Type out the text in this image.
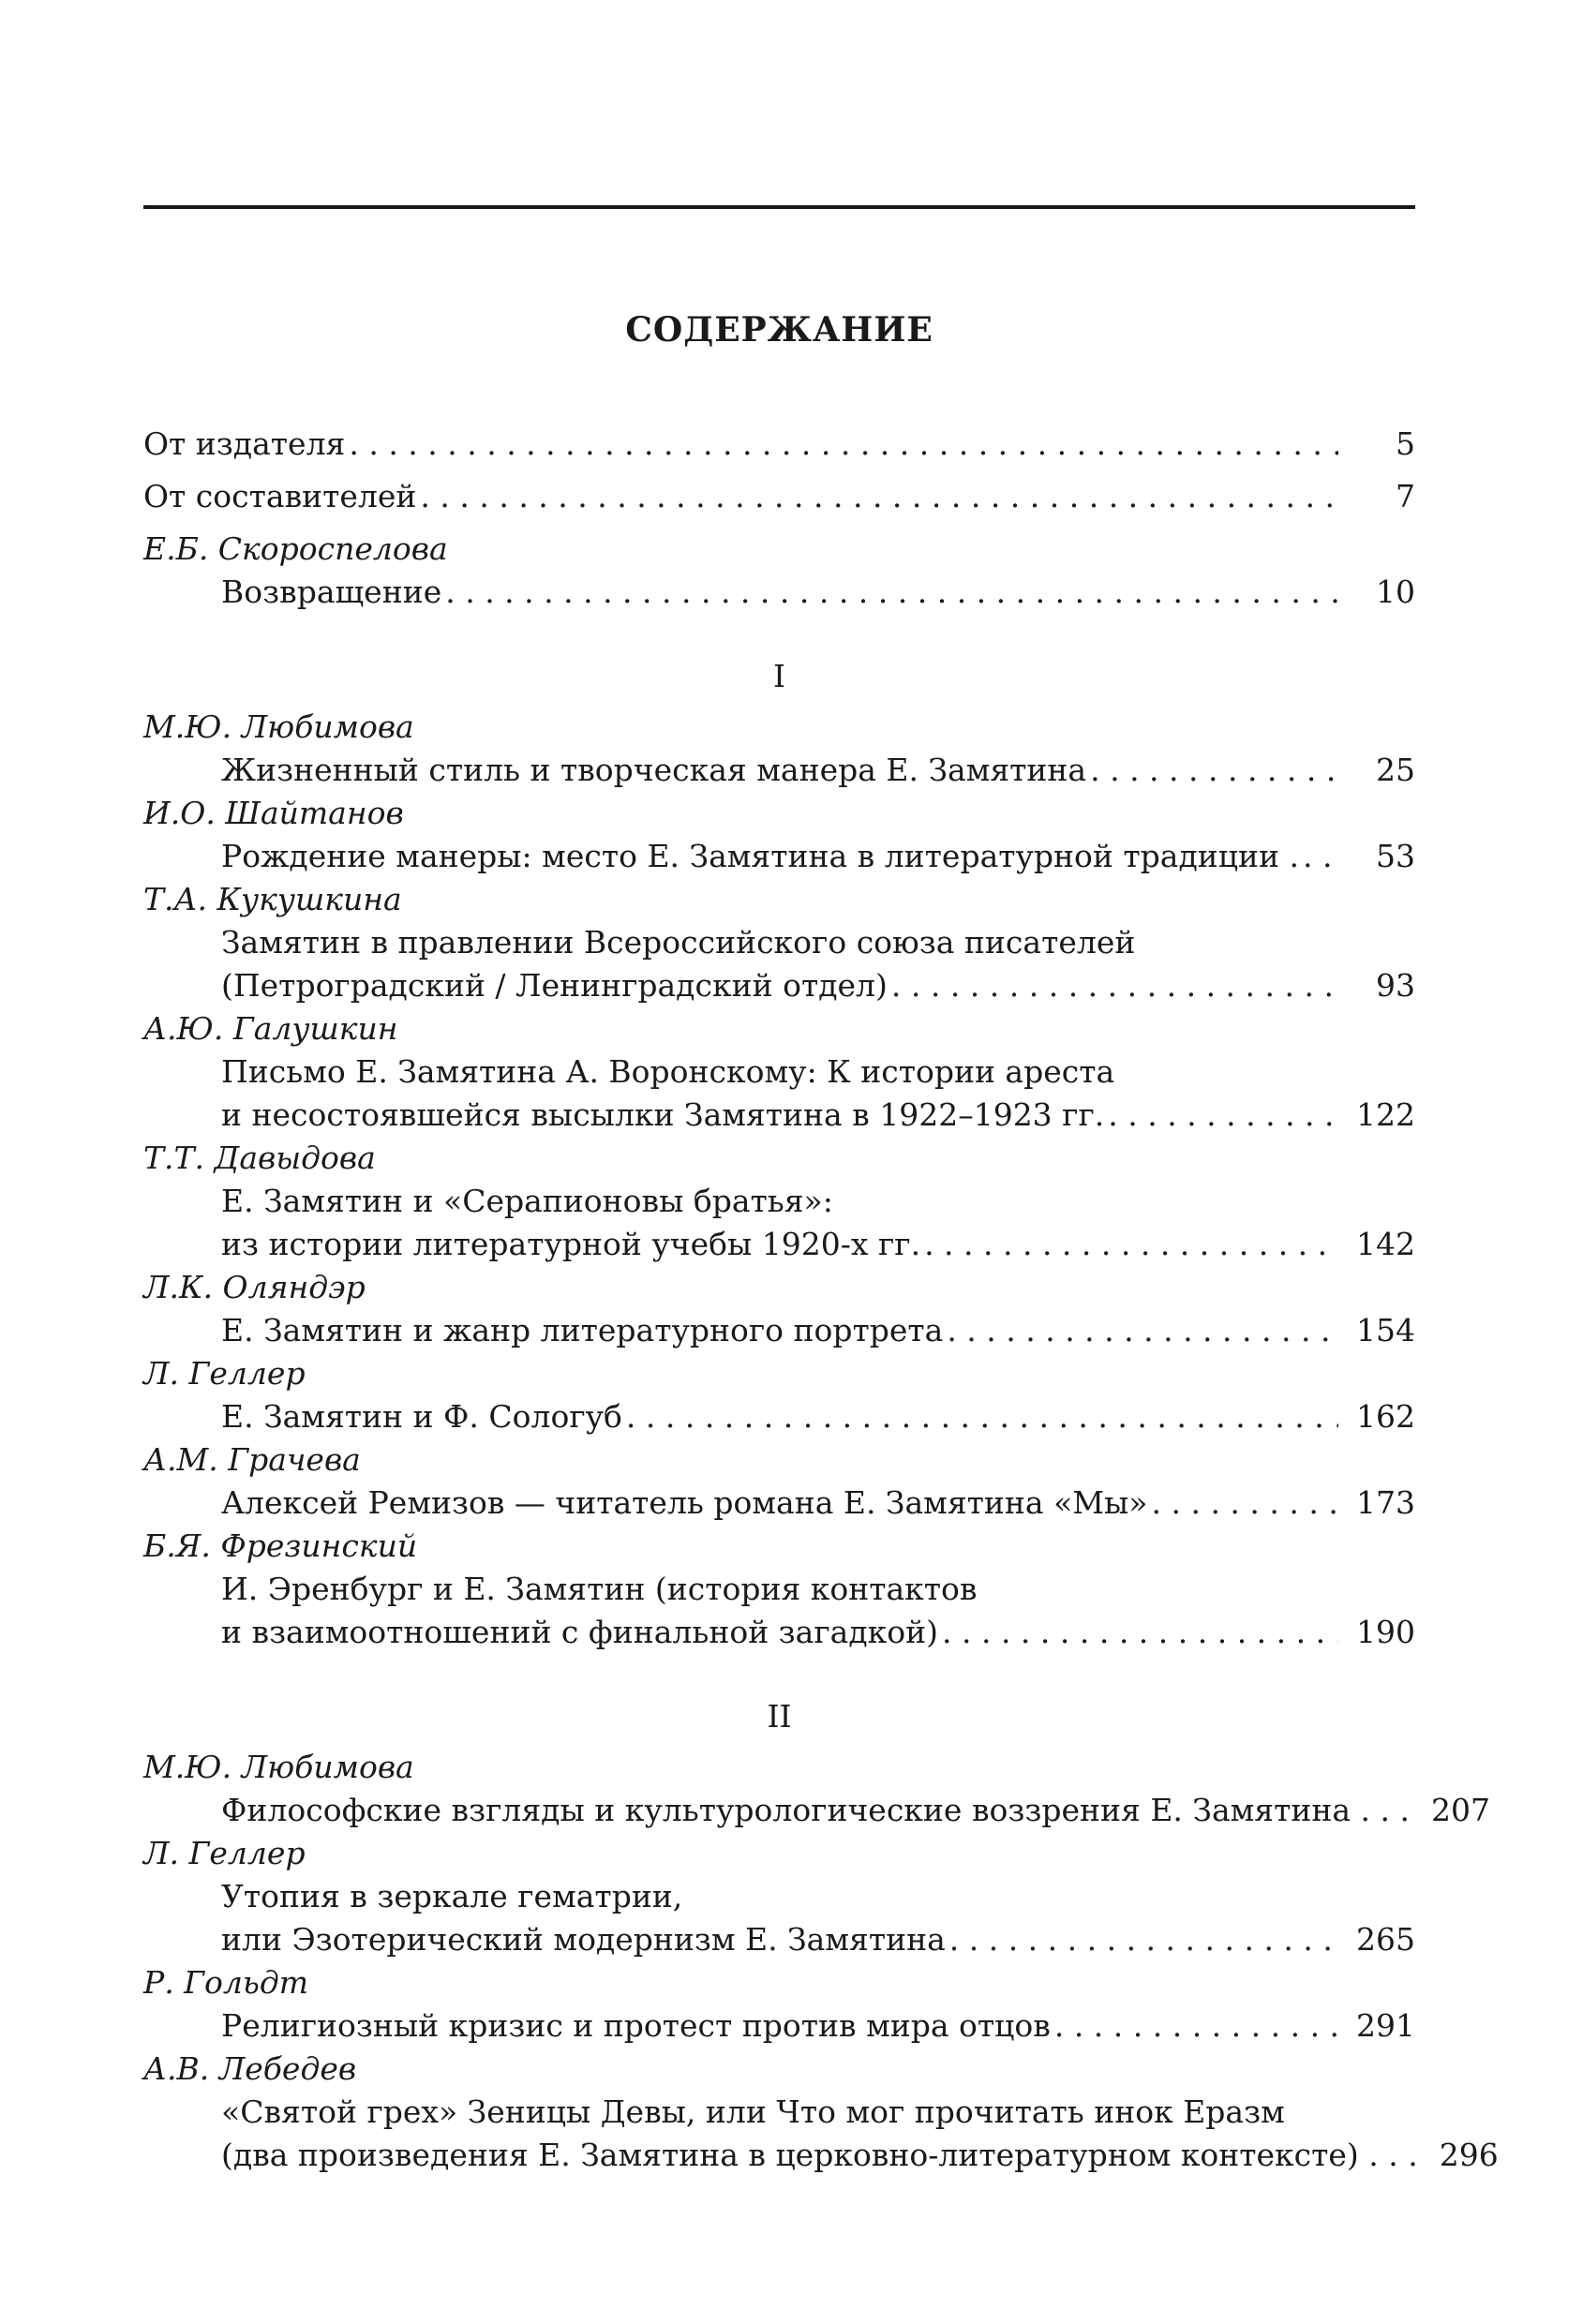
СОДЕРЖАНИЕ
От издателя . . .	5
От составителей . . .	7
Е.Б. Скороспелова
Возвращение . . .	10
I
М.Ю. Любимова
Жизненный стиль и творческая манера Е. Замятина . . .	25
И.О. Шайтанов
Рождение манеры: место Е. Замятина в литературной традиции . . . .	53
Т.А. Кукушкина
Замятин в правлении Всероссийского союза писателей
(Петроградский / Ленинградский отдел) . . .	93
А.Ю. Галушкин
Письмо Е. Замятина А. Воронскому: К истории ареста
и несостоявшейся высылки Замятина в 1922–1923 гг. . . .	122
Т.Т. Давыдова
Е. Замятин и «Серапионовы братья»:
из истории литературной учебы 1920-х гг. . . .	142
Л.К. Оляндэр
Е. Замятин и жанр литературного портрета . . .	154
Л. Геллер
Е. Замятин и Ф. Сологуб . . .	162
А.М. Грачева
Алексей Ремизов — читатель романа Е. Замятина «Мы» . . .	173
Б.Я. Фрезинский
И. Эренбург и Е. Замятин (история контактов
и взаимоотношений с финальной загадкой) . . .	190
II
М.Ю. Любимова
Философские взгляды и культурологические воззрения Е. Замятина . . . 207
Л. Геллер
Утопия в зеркале гематрии,
или Эзотерический модернизм Е. Замятина . . .	265
Р. Гольдт
Религиозный кризис и протест против мира отцов . . .	291
А.В. Лебедев
«Святой грех» Зеницы Девы, или Что мог прочитать инок Еразм
(два произведения Е. Замятина в церковно-литературном контексте) . . . 296
